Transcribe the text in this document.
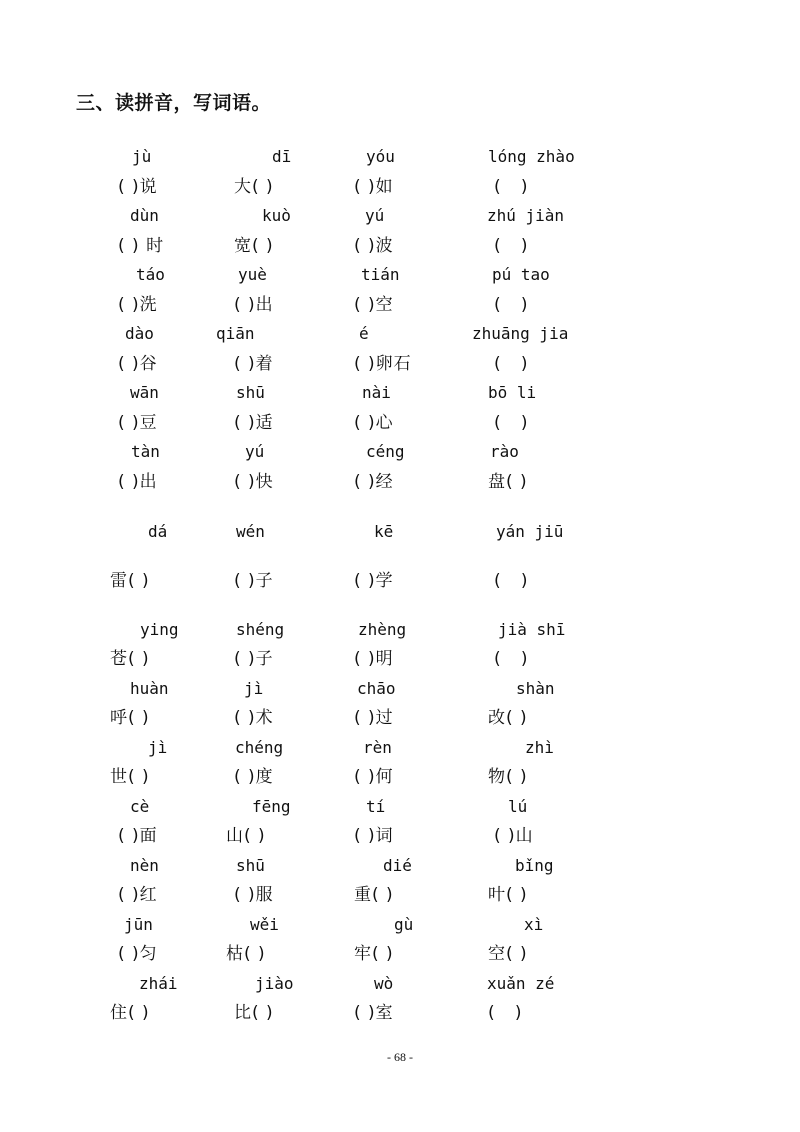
三、读拼音，写词语。
jù	dī	yóu	lóng zhào
( )说	大( )	( )如	(   )
dùn	kuò	yú	zhú jiàn
( ) 时	宽( )	( )波	(   )
táo	yuè	tián	pú tao
( )洗	( )出	( )空	(   )
dào	qiān	é	zhuāng jia
( )谷	( )着	( )卵石	(   )
wān	shū	nài	bō li
( )豆	( )适	( )心	(   )
tàn	yú	céng	rào
( )出	( )快	( )经	盘( )
dá	wén	kē	yán jiū
雷( )	( )子	( )学	(   )
ying	shéng	zhèng	jià shī
苍( )	( )子	( )明	(   )
huàn	jì	chāo	shàn
呼( )	( )术	( )过	改( )
jì	chéng	rèn	zhì
世( )	( )度	( )何	物( )
cè	fēng	tí	lú
( )面	山( )	( )词	( )山
nèn	shū	dié	bǐng
( )红	( )服	重( )	叶( )
jūn	wěi	gù	xì
( )匀	枯( )	牢( )	空( )
zhái	jiào	wò	xuǎn zé
住( )	比( )	( )室	(   )
- 68 -
